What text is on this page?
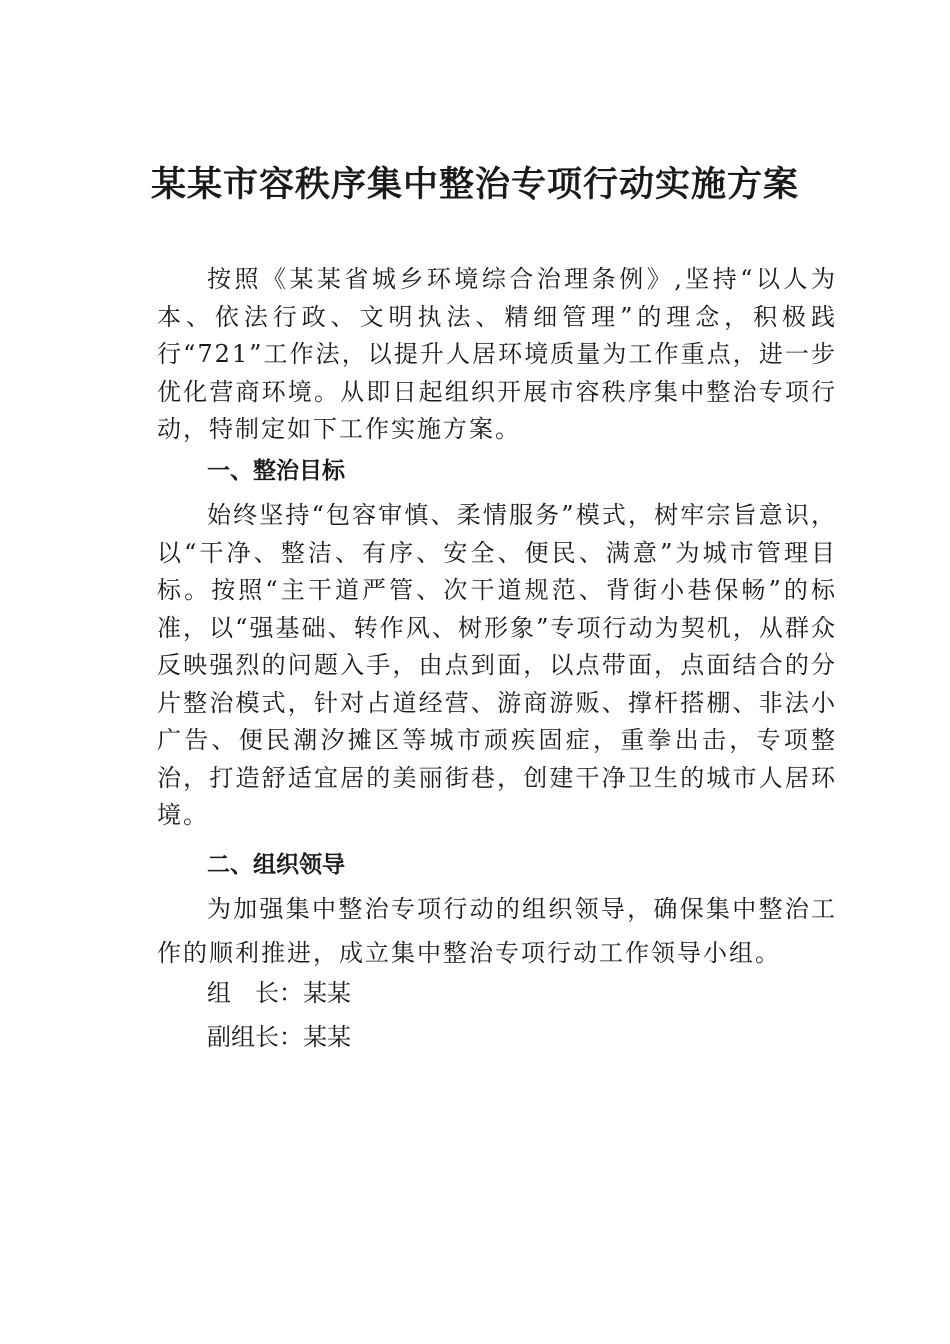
某某市容秩序集中整治专项行动实施方案

按照《某某省城乡环境综合治理条例》,坚持“以人为本、依法行政、文明执法、精细管理”的理念，积极践行“721”工作法，以提升人居环境质量为工作重点，进一步优化营商环境。从即日起组织开展市容秩序集中整治专项行动，特制定如下工作实施方案。

一、整治目标

始终坚持“包容审慎、柔情服务”模式，树牢宗旨意识，以“干净、整洁、有序、安全、便民、满意”为城市管理目标。按照“主干道严管、次干道规范、背街小巷保畅”的标准，以“强基础、转作风、树形象”专项行动为契机，从群众反映强烈的问题入手，由点到面，以点带面，点面结合的分片整治模式，针对占道经营、游商游贩、撑杆搭棚、非法小广告、便民潮汐摊区等城市顽疾固症，重拳出击，专项整治，打造舒适宜居的美丽街巷，创建干净卫生的城市人居环境。

二、组织领导

为加强集中整治专项行动的组织领导，确保集中整治工作的顺利推进，成立集中整治专项行动工作领导小组。

组　长：某某

副组长：某某
